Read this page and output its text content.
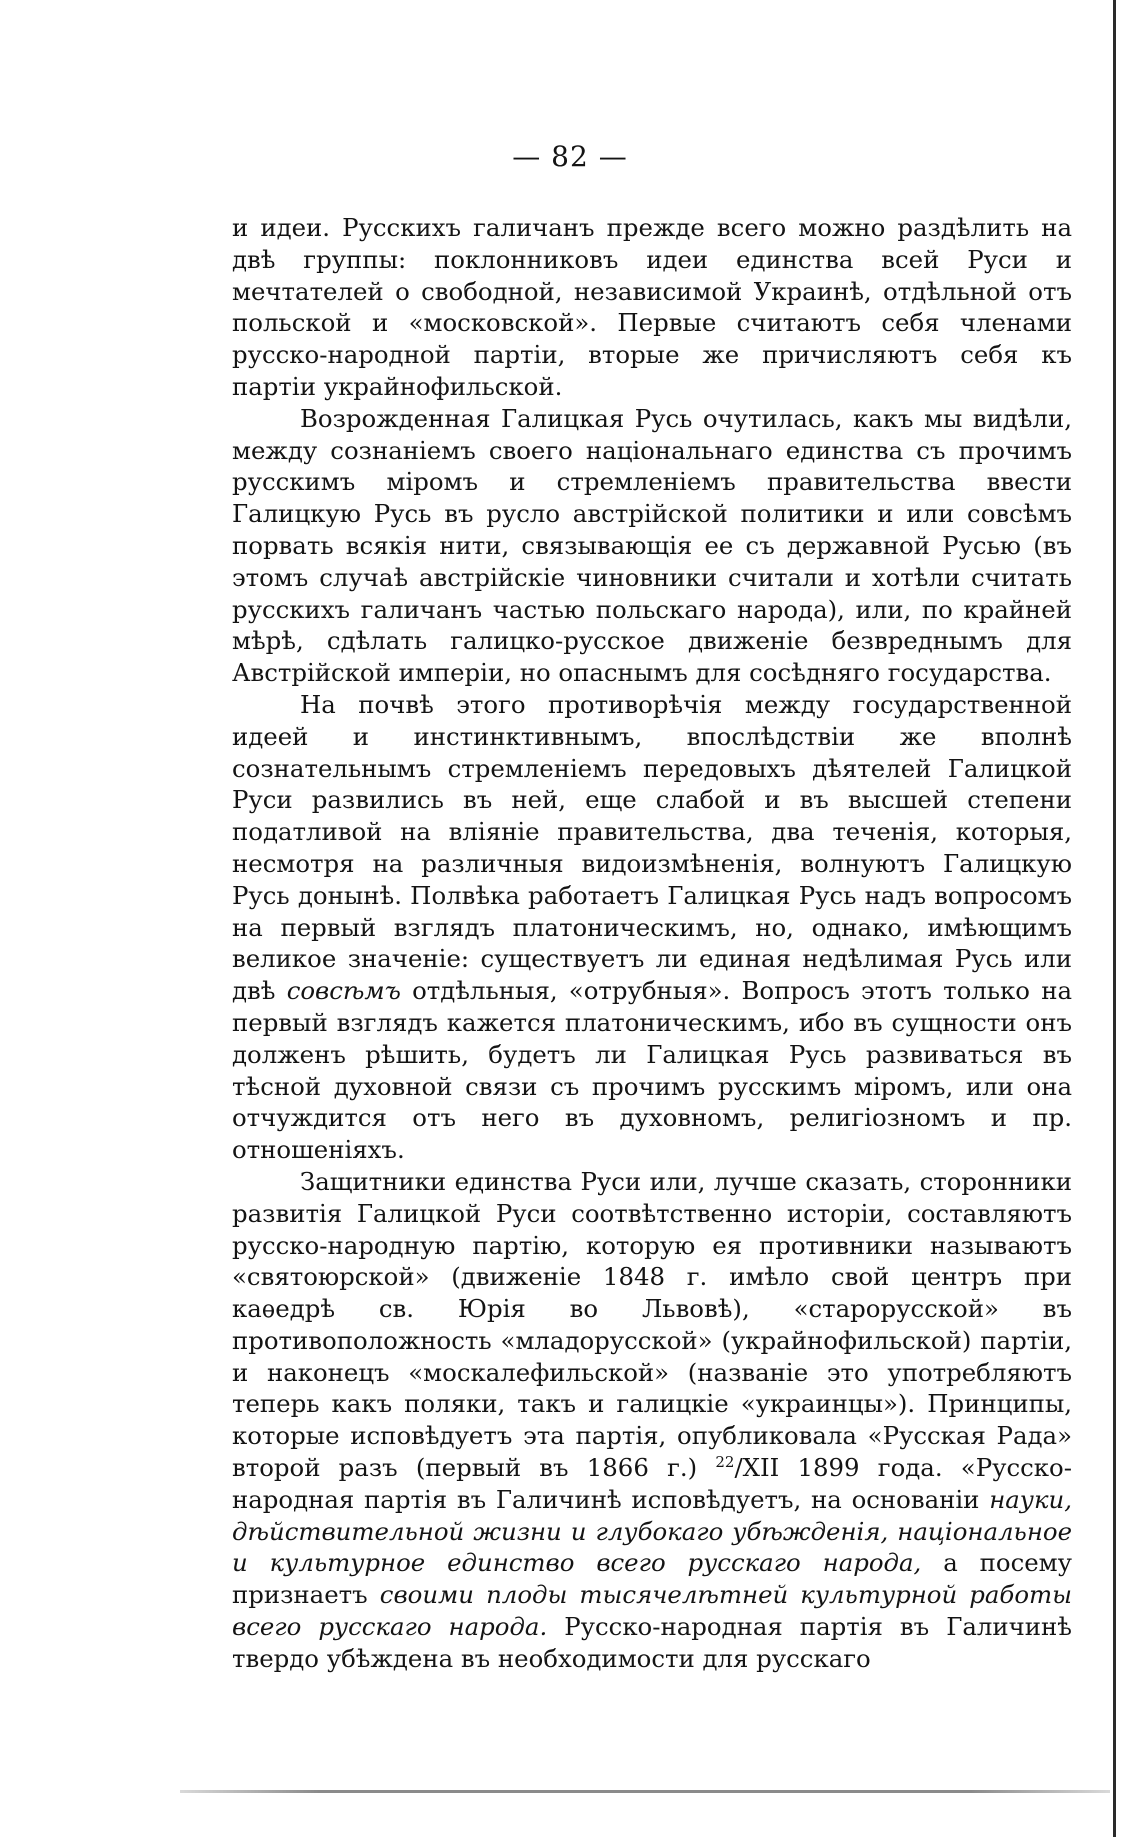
— 82 —

и идеи. Русскихъ галичанъ прежде всего можно раздѣлить на двѣ группы: поклонниковъ идеи единства всей Руси и мечтателей о свободной, независимой Украинѣ, отдѣльной отъ польской и «московской». Первые считаютъ себя членами русско-народной партіи, вторые же причисляютъ себя къ партіи украйнофильской.

Возрожденная Галицкая Русь очутилась, какъ мы видѣли, между сознаніемъ своего національнаго единства съ прочимъ русскимъ міромъ и стремленіемъ правительства ввести Галицкую Русь въ русло австрійской политики и или совсѣмъ порвать всякія нити, связывающія ее съ державной Русью (въ этомъ случаѣ австрійскіе чиновники считали и хотѣли считать русскихъ галичанъ частью польскаго народа), или, по крайней мѣрѣ, сдѣлать галицко-русское движеніе безвреднымъ для Австрійской имперіи, но опаснымъ для сосѣдняго государства.

На почвѣ этого противорѣчія между государственной идеей и инстинктивнымъ, впослѣдствіи же вполнѣ сознательнымъ стремленіемъ передовыхъ дѣятелей Галицкой Руси развились въ ней, еще слабой и въ высшей степени податливой на вліяніе правительства, два теченія, которыя, несмотря на различныя видоизмѣненія, волнуютъ Галицкую Русь донынѣ. Полвѣка работаетъ Галицкая Русь надъ вопросомъ на первый взглядъ платоническимъ, но, однако, имѣющимъ великое значеніе: существуетъ ли единая недѣлимая Русь или двѣ совсѣмъ отдѣльныя, «отрубныя». Вопросъ этотъ только на первый взглядъ кажется платоническимъ, ибо въ сущности онъ долженъ рѣшить, будетъ ли Галицкая Русь развиваться въ тѣсной духовной связи съ прочимъ русскимъ міромъ, или она отчуждится отъ него въ духовномъ, религіозномъ и пр. отношеніяхъ.

Защитники единства Руси или, лучше сказать, сторонники развитія Галицкой Руси соотвѣтственно исторіи, составляютъ русско-народную партію, которую ея противники называютъ «святоюрской» (движеніе 1848 г. имѣло свой центръ при каѳедрѣ св. Юрія во Львовѣ), «старорусской» въ противоположность «младорусской» (украйнофильской) партіи, и наконецъ «москалефильской» (названіе это употребляютъ теперь какъ поляки, такъ и галицкіе «украинцы»). Принципы, которые исповѣдуетъ эта партія, опубликовала «Русская Рада» второй разъ (первый въ 1866 г.) $^{22}$/XII 1899 года. «Русско-народная партія въ Галичинѣ исповѣдуетъ, на основаніи науки, дѣйствительной жизни и глубокаго убѣжденія, національное и культурное единство всего русскаго народа, а посему признаетъ своими плоды тысячелѣтней культурной работы всего русскаго народа. Русско-народная партія въ Галичинѣ твердо убѣждена въ необходимости для русскаго
